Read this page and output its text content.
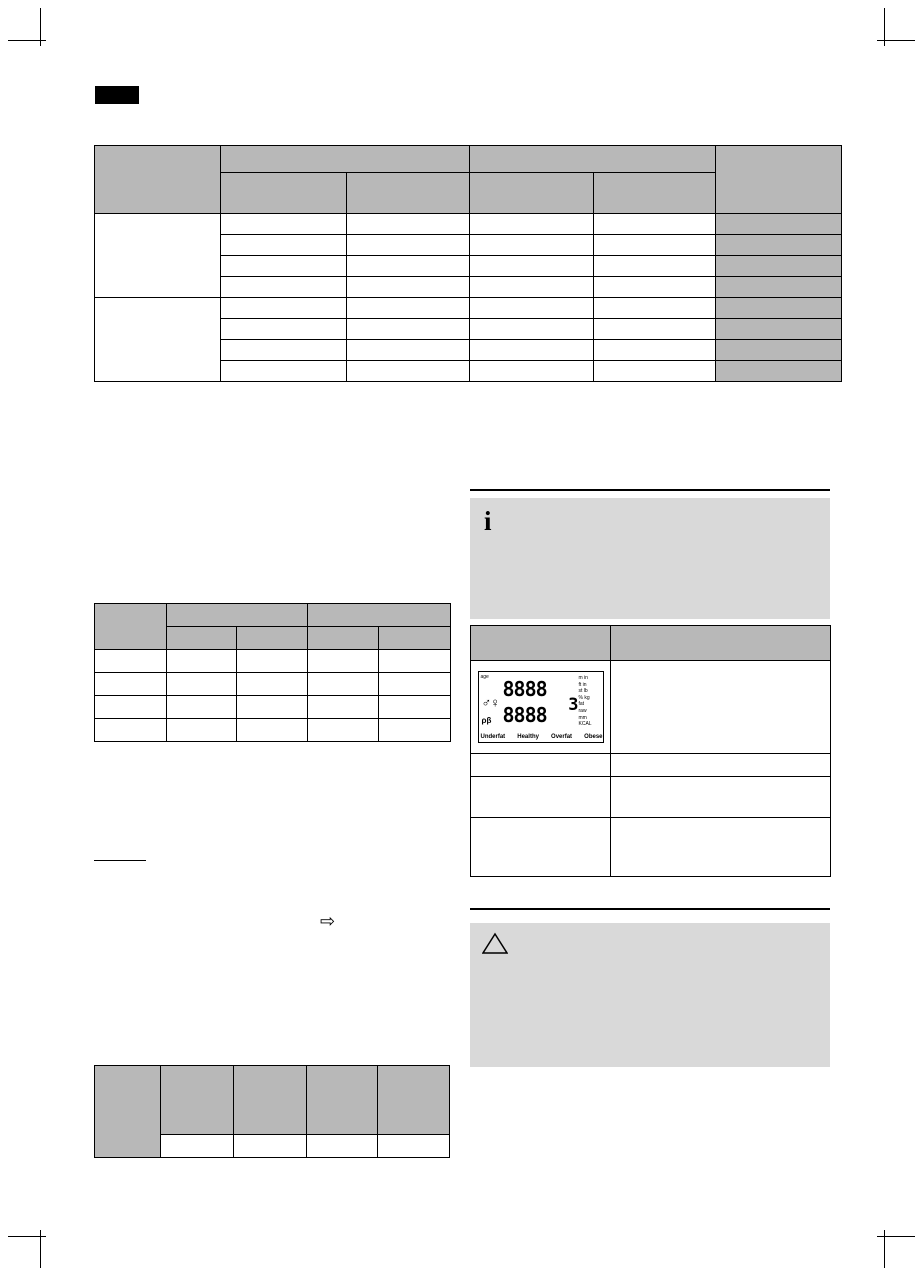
⇨

i

age
♂♀
ρβ
8888
8888
m in
ft in
st lb
% kg
fat
raw
mm
KCAL
3
Underfat Healthy Overfat Obese
